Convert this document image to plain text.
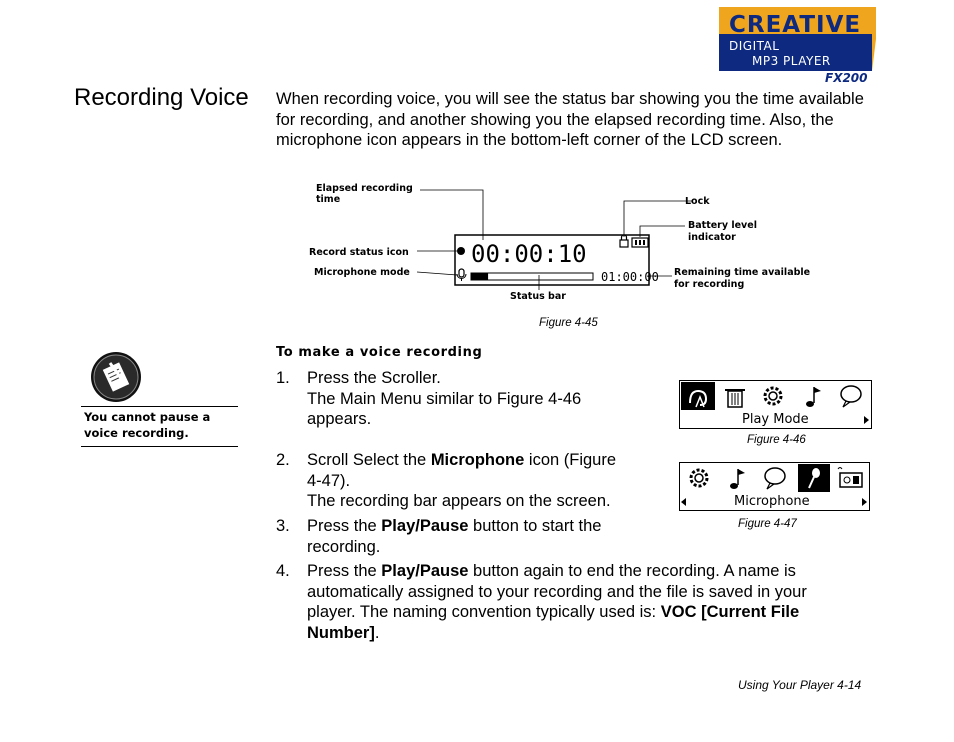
CREATIVE
DIGITAL
MP3 PLAYER
FX200
Recording Voice When recording voice, you will see the status bar showing you the time available for recording, and another showing you the elapsed recording time. Also, the microphone icon appears in the bottom-left corner of the LCD screen.
00:00:10
01:00:00
Elapsed recording
time	Lock
Battery level
indicator
Record status icon
Microphone mode	Remaining time available
for recording
Status bar
Figure 4-45
You cannot pause a voice recording.
To make a voice recording
1. Press the Scroller.
The Main Menu similar to Figure 4-46
appears.
2. Scroll Select the Microphone icon (Figure
4-47).
The recording bar appears on the screen.
3. Press the Play/Pause button to start the
recording.
4. Press the Play/Pause button again to end the recording. A name is
automatically assigned to your recording and the file is saved in your
player. The naming convention typically used is: VOC [Current File
Number].
Play Mode
Figure 4-46
Microphone
Figure 4-47
Using Your Player 4-14
